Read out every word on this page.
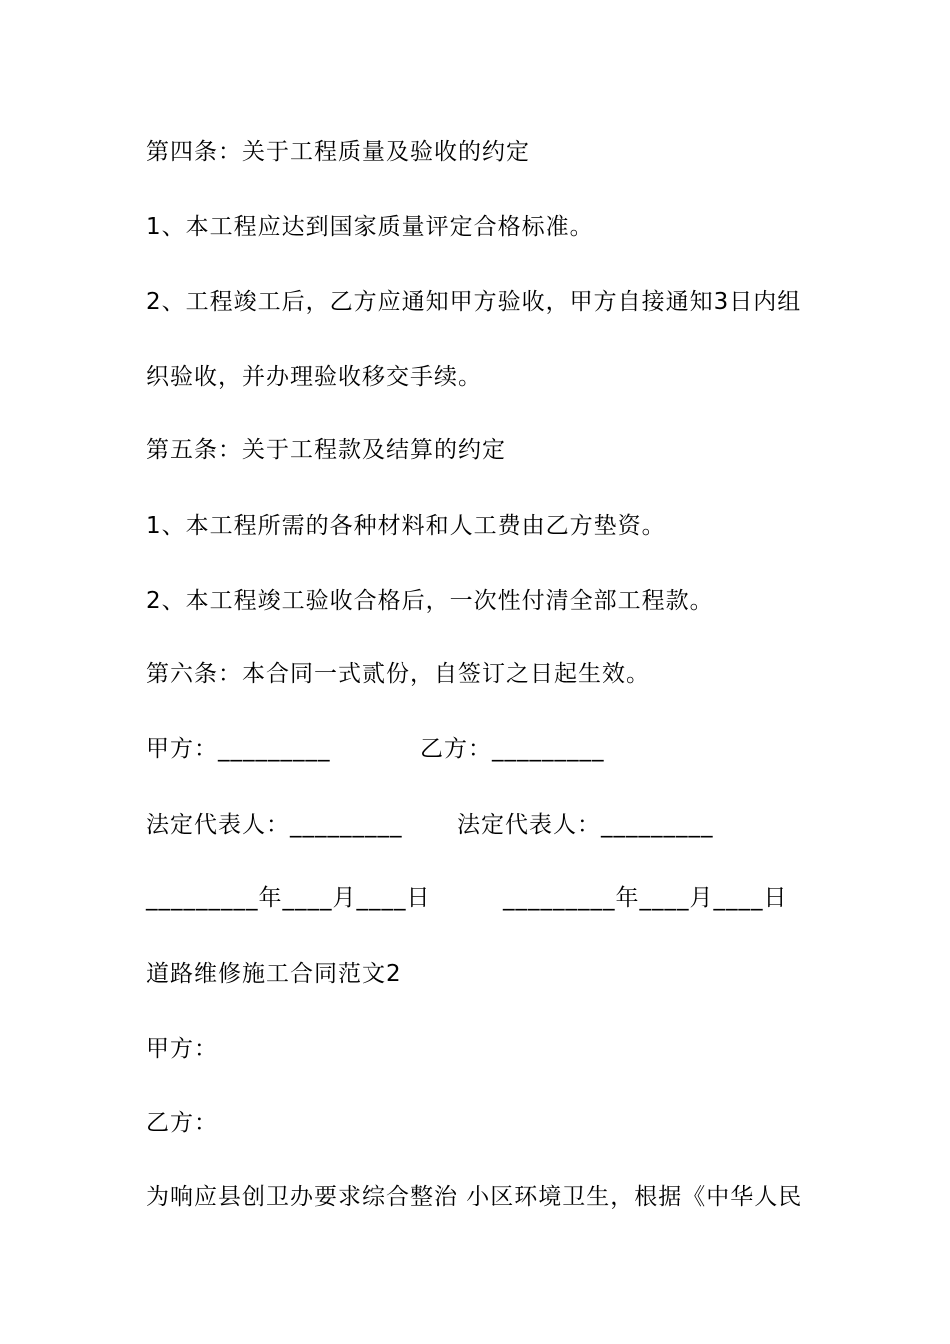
第四条：关于工程质量及验收的约定
1、本工程应达到国家质量评定合格标准。
2、工程竣工后，乙方应通知甲方验收，甲方自接通知3日内组
织验收，并办理验收移交手续。
第五条：关于工程款及结算的约定
1、本工程所需的各种材料和人工费由乙方垫资。
2、本工程竣工验收合格后，一次性付清全部工程款。
第六条：本合同一式贰份，自签订之日起生效。
甲方：_________	乙方：_________
法定代表人：_________ 法定代表人：_________
_________年____月____日	_________年____月____日
道路维修施工合同范文2
甲方：
乙方：
为响应县创卫办要求综合整治 小区环境卫生，根据《中华人民
